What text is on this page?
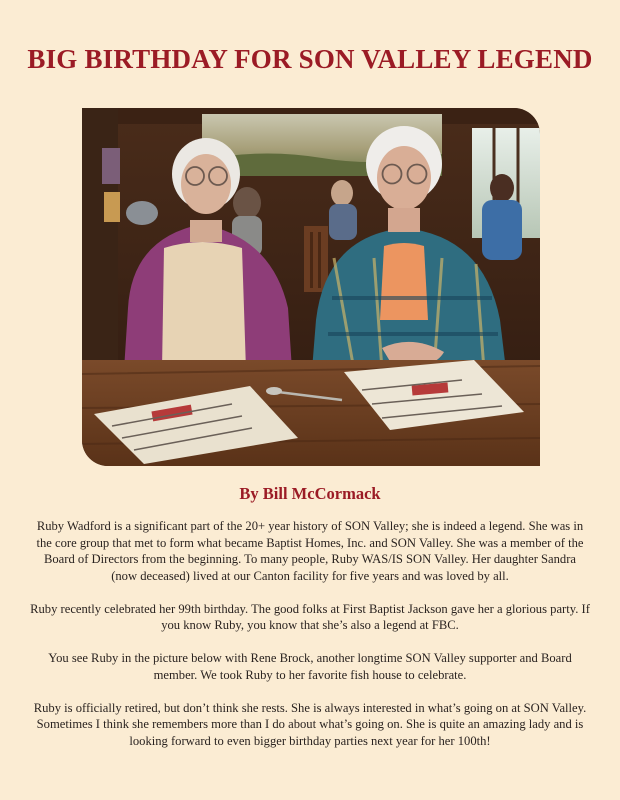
BIG BIRTHDAY FOR SON VALLEY LEGEND
By Bill McCormack

Ruby Wadford is a significant part of the 20+ year history of SON Valley; she is indeed a legend. She was in the core group that met to form what became Baptist Homes, Inc. and SON Valley. She was a member of the Board of Directors from the beginning. To many people, Ruby WAS/IS SON Valley. Her daughter Sandra (now deceased) lived at our Canton facility for five years and was loved by all.

Ruby recently celebrated her 99th birthday. The good folks at First Baptist Jackson gave her a glorious party. If you know Ruby, you know that she’s also a legend at FBC.

You see Ruby in the picture below with Rene Brock, another longtime SON Valley supporter and Board member. We took Ruby to her favorite fish house to celebrate.

Ruby is officially retired, but don’t think she rests. She is always interested in what’s going on at SON Valley. Sometimes I think she remembers more than I do about what’s going on. She is quite an amazing lady and is looking forward to even bigger birthday parties next year for her 100th!
